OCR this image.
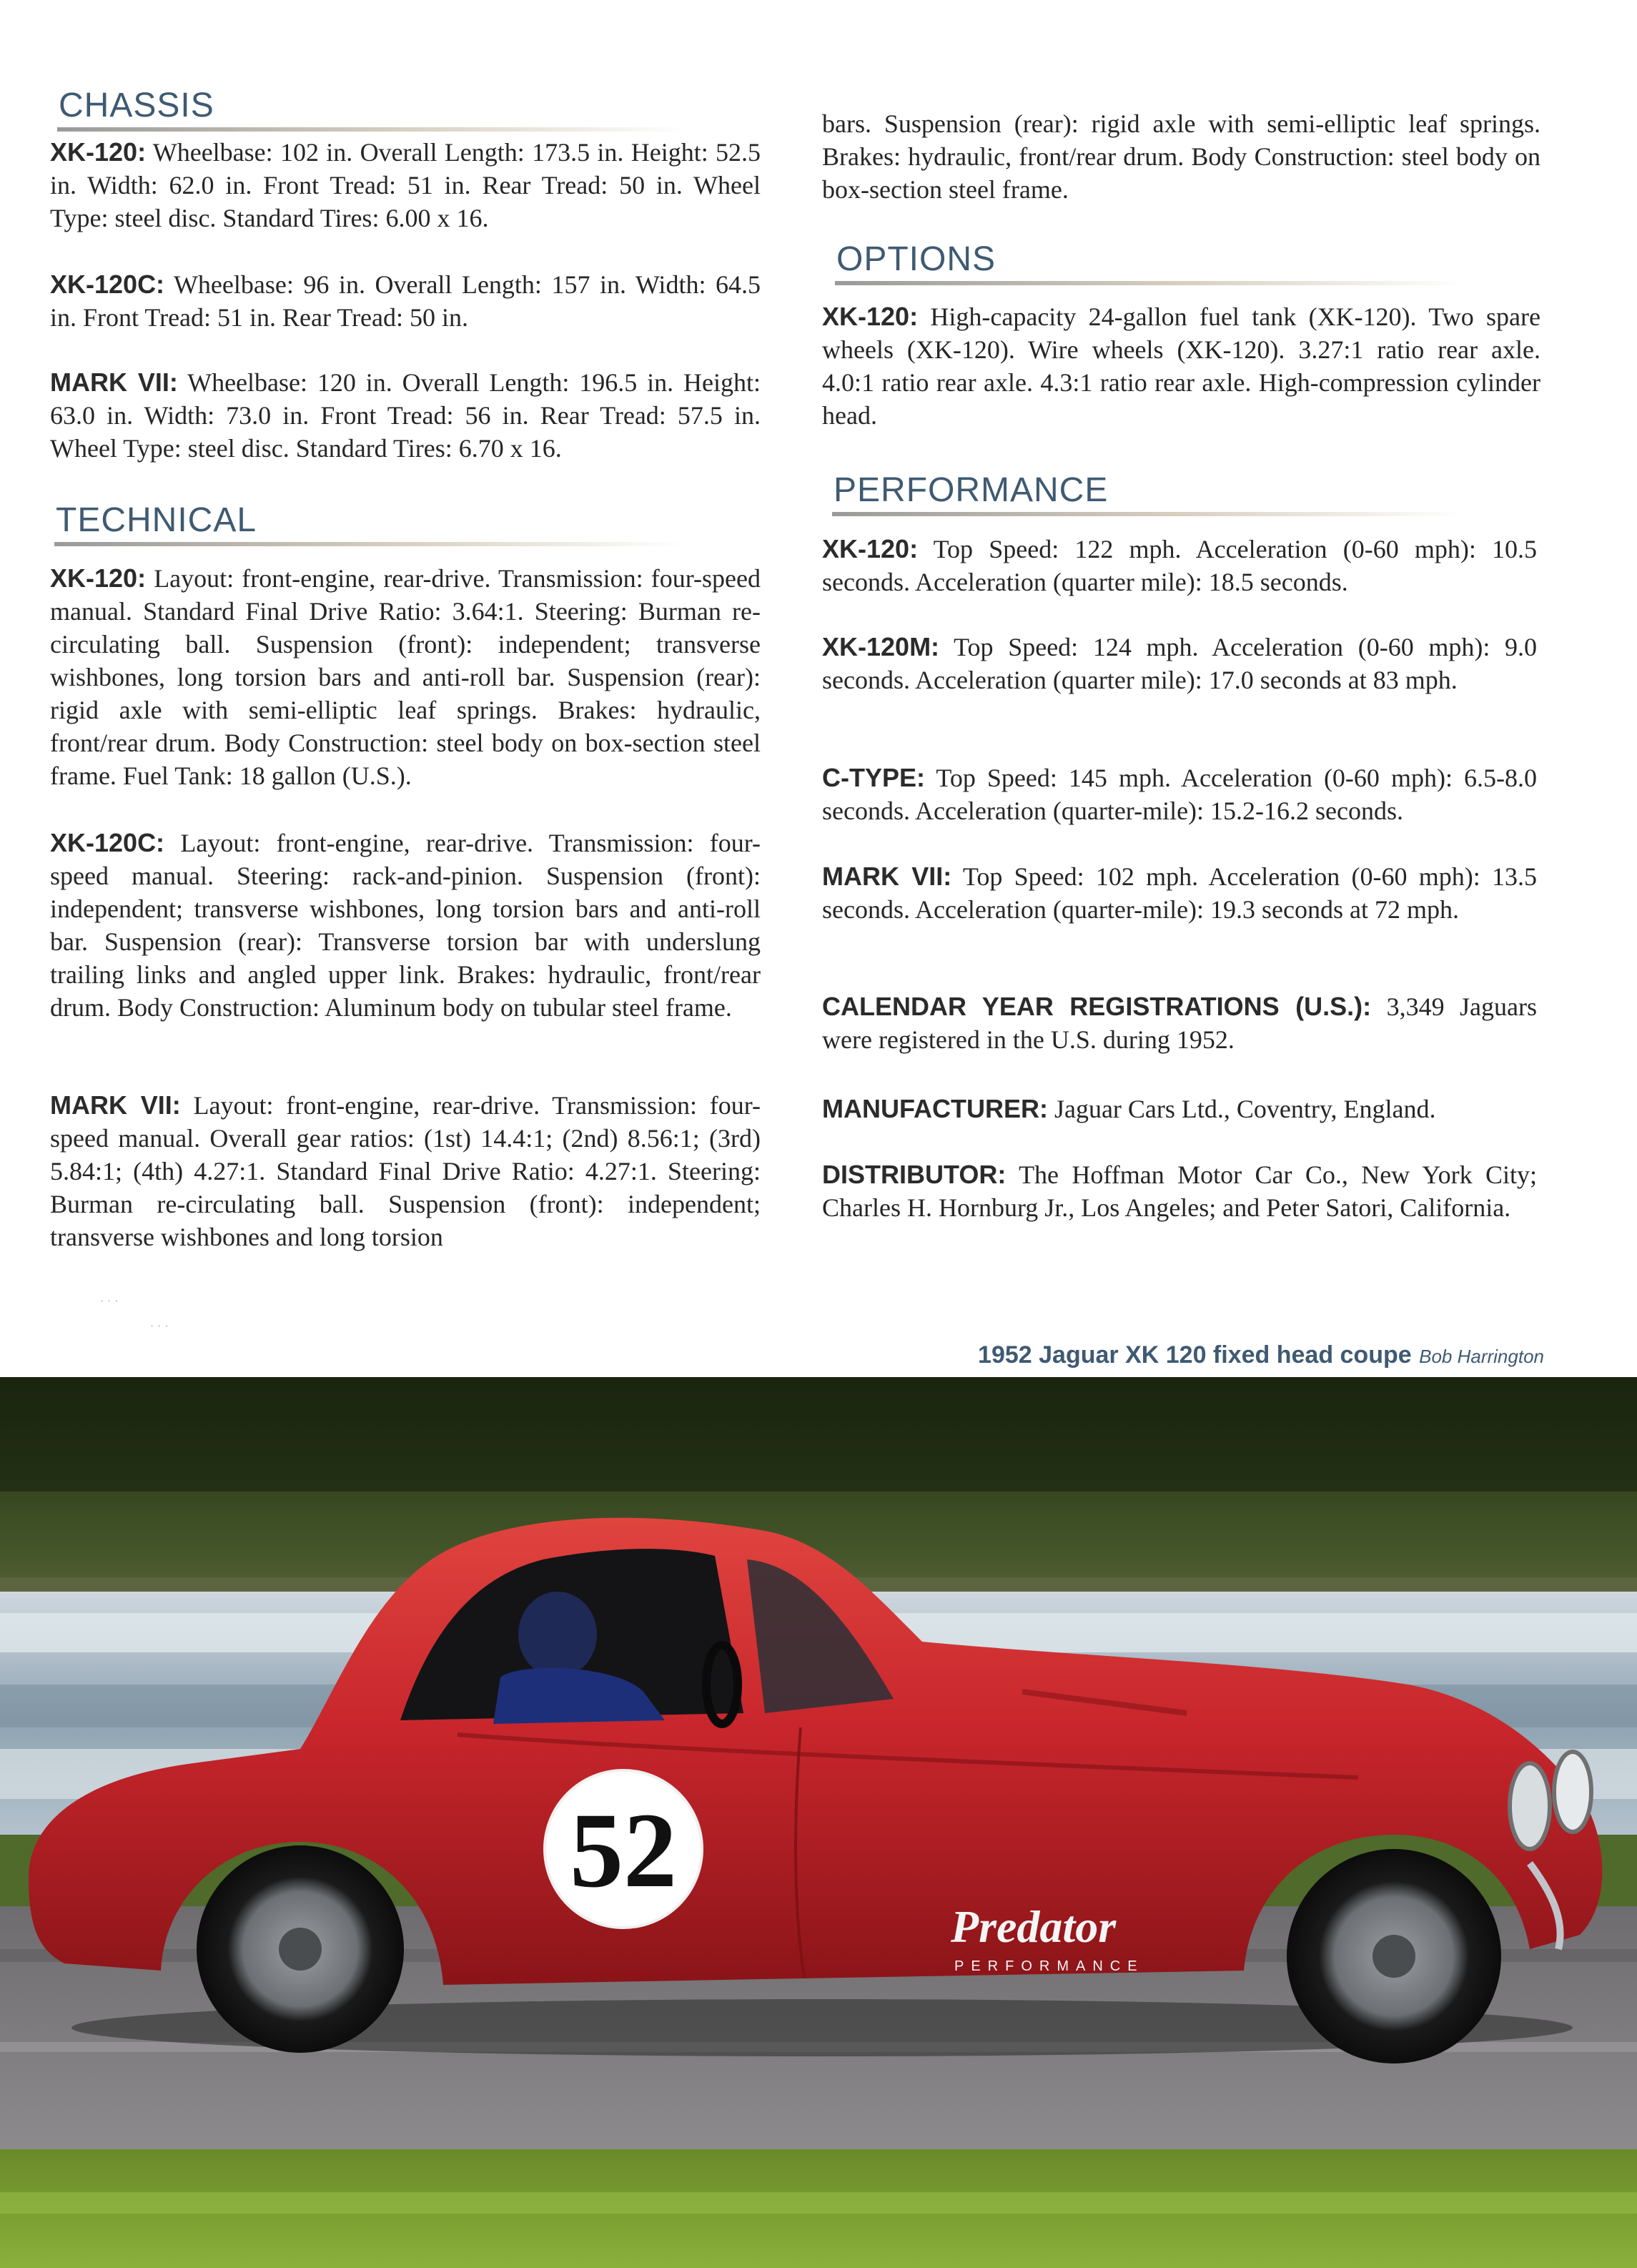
CHASSIS
XK-120: Wheelbase: 102 in. Overall Length: 173.5 in. Height: 52.5 in. Width: 62.0 in. Front Tread: 51 in. Rear Tread: 50 in. Wheel Type: steel disc. Standard Tires: 6.00 x 16.
XK-120C: Wheelbase: 96 in. Overall Length: 157 in. Width: 64.5 in. Front Tread: 51 in. Rear Tread: 50 in.
MARK VII: Wheelbase: 120 in. Overall Length: 196.5 in. Height: 63.0 in. Width: 73.0 in. Front Tread: 56 in. Rear Tread: 57.5 in. Wheel Type: steel disc. Standard Tires: 6.70 x 16.
TECHNICAL
XK-120: Layout: front-engine, rear-drive. Transmission: four-speed manual. Standard Final Drive Ratio: 3.64:1. Steering: Burman re-circulating ball. Suspension (front): independent; transverse wishbones, long torsion bars and anti-roll bar. Suspension (rear): rigid axle with semi-elliptic leaf springs. Brakes: hydraulic, front/rear drum. Body Construction: steel body on box-section steel frame. Fuel Tank: 18 gallon (U.S.).
XK-120C: Layout: front-engine, rear-drive. Transmission: four-speed manual. Steering: rack-and-pinion. Suspension (front): independent; transverse wishbones, long torsion bars and anti-roll bar. Suspension (rear): Transverse torsion bar with underslung trailing links and angled upper link. Brakes: hydraulic, front/rear drum. Body Construction: Aluminum body on tubular steel frame.
MARK VII: Layout: front-engine, rear-drive. Transmission: four-speed manual. Overall gear ratios: (1st) 14.4:1; (2nd) 8.56:1; (3rd) 5.84:1; (4th) 4.27:1. Standard Final Drive Ratio: 4.27:1. Steering: Burman re-circulating ball. Suspension (front): independent; transverse wishbones and long torsion
bars. Suspension (rear): rigid axle with semi-elliptic leaf springs. Brakes: hydraulic, front/rear drum. Body Construction: steel body on box-section steel frame.
OPTIONS
XK-120: High-capacity 24-gallon fuel tank (XK-120). Two spare wheels (XK-120). Wire wheels (XK-120). 3.27:1 ratio rear axle. 4.0:1 ratio rear axle. 4.3:1 ratio rear axle. High-compression cylinder head.
PERFORMANCE
XK-120: Top Speed: 122 mph. Acceleration (0-60 mph): 10.5 seconds. Acceleration (quarter mile): 18.5 seconds.
XK-120M: Top Speed: 124 mph. Acceleration (0-60 mph): 9.0 seconds. Acceleration (quarter mile): 17.0 seconds at 83 mph.
C-TYPE: Top Speed: 145 mph. Acceleration (0-60 mph): 6.5-8.0 seconds. Acceleration (quarter-mile): 15.2-16.2 seconds.
MARK VII: Top Speed: 102 mph. Acceleration (0-60 mph): 13.5 seconds. Acceleration (quarter-mile): 19.3 seconds at 72 mph.
CALENDAR YEAR REGISTRATIONS (U.S.): 3,349 Jaguars were registered in the U.S. during 1952.
MANUFACTURER: Jaguar Cars Ltd., Coventry, England.
DISTRIBUTOR: The Hoffman Motor Car Co., New York City; Charles H. Hornburg Jr., Los Angeles; and Peter Satori, California.
· · ·
· · ·
1952 Jaguar XK 120 fixed head coupe Bob Harrington
52
Predator
PERFORMANCE
